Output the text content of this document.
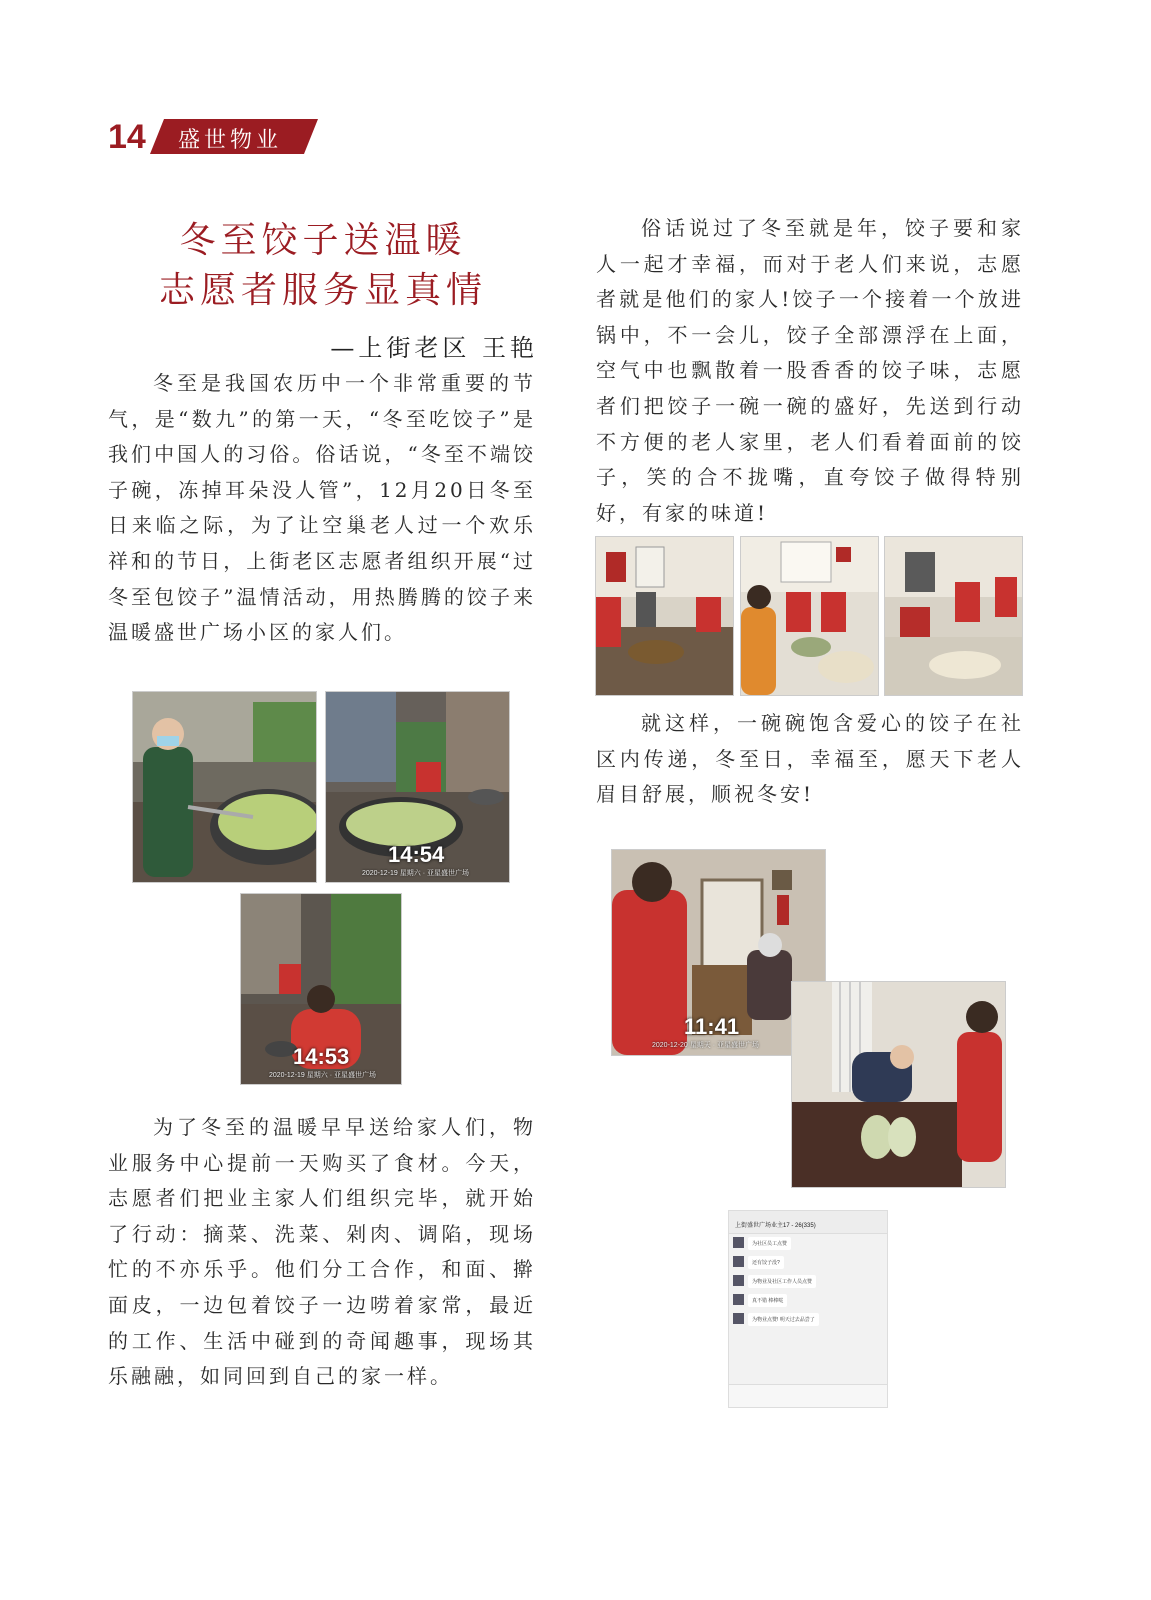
14 盛世物业
冬至饺子送温暖
志愿者服务显真情
—上街老区 王艳
冬至是我国农历中一个非常重要的节气，是“数九”的第一天，“冬至吃饺子”是我们中国人的习俗。俗话说，“冬至不端饺子碗，冻掉耳朵没人管”，12月20日冬至日来临之际，为了让空巢老人过一个欢乐祥和的节日，上街老区志愿者组织开展“过冬至包饺子”温情活动，用热腾腾的饺子来温暖盛世广场小区的家人们。
14:54
2020-12-19 星期六 · 亚星盛世广场
14:53
2020-12-19 星期六 · 亚星盛世广场
为了冬至的温暖早早送给家人们，物业服务中心提前一天购买了食材。今天，志愿者们把业主家人们组织完毕，就开始了行动：摘菜、洗菜、剁肉、调陷，现场忙的不亦乐乎。他们分工合作，和面、擀面皮，一边包着饺子一边唠着家常，最近的工作、生活中碰到的奇闻趣事，现场其乐融融，如同回到自己的家一样。
俗话说过了冬至就是年，饺子要和家人一起才幸福，而对于老人们来说，志愿者就是他们的家人!饺子一个接着一个放进锅中，不一会儿，饺子全部漂浮在上面，空气中也飘散着一股香香的饺子味，志愿者们把饺子一碗一碗的盛好，先送到行动不方便的老人家里，老人们看着面前的饺子，笑的合不拢嘴，直夸饺子做得特别好，有家的味道!
就这样，一碗碗饱含爱心的饺子在社区内传递，冬至日，幸福至，愿天下老人眉目舒展，顺祝冬安!
11:41
2020-12-20 星期天 · 亚星盛世广场
上街盛世广场业主17 - 26(335)
为社区员工点赞
还有饺子没?
为物业及社区工作人员点赞
真不错 棒棒哒
为物业点赞! 明天过去品尝了
